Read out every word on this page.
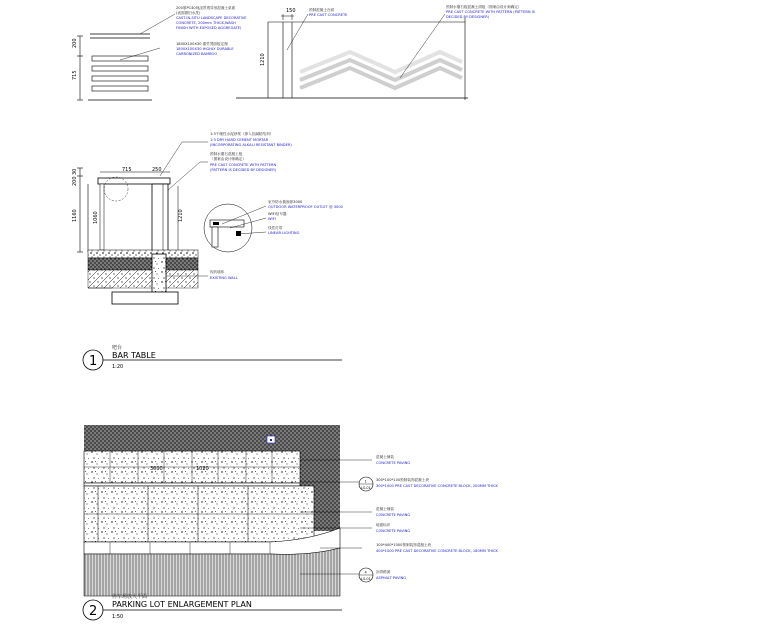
200
715
200厚PC40现浇景观异形混凝土桌面
(表面做旧水洗)
CAST-IN-SITU LANDSCAPE DECORATIVE
CONCRETE, 200mm THICK,WASH
FINISH WITH EXPOSED AGGREGATE)
1800X100X30 重竹凳面板定制
1800X100X30 HIGHLY DURABLE
CARBONIZED BAMBOO
150
1210
预制混凝土台面
PRE CAST CONCRETE
预制水磨石板混凝土面板（图案由设计师确定）
PRE CAST CONCRETE WITH PATTERN (PATTERN IS
DECIDED BY DESIGNER)
30
200
1160	1060
715	250
1210
1:3干硬性水泥砂浆（掺入抗碱粘结剂）
1:3 DRY HARD CEMENT MORTAR
(INCORPORATING ALKALI RESISTANT BINDER)
预制水磨石混凝土板
（图案由设计师确定）
PRE CAST CONCRETE WITH PATTERN
(PATTERN IS DECIDED BY DESIGNER)
现状墙体
EXISTING WALL
室外防水插座@3000
OUTDOOR WATERPROOF OUTLET @ 3000
WIFI信号器
WIFI
线性灯带
LINEAR LIGHTING
1
吧台
BAR TABLE
1:20
3000	1020
1
LS-01
4
LS-01
混凝土铺装
CONCRETE PAVING
300*100*100预制装饰混凝土块
300*1000 PRE CAST DECORATIVE CONCRETE BLOCK, 200MM THICK
混凝土铺装
CONCRETE PAVING
地面标识
CONCRETE PAVING
100*400*1000预制装饰混凝土块
400*1000 PRE CAST DECORATIVE CONCRETE BLOCK, 180MM THICK
沥青路面
ASPHALT PAVING
2
停车场放大平面
PARKING LOT ENLARGEMENT PLAN
1:50
